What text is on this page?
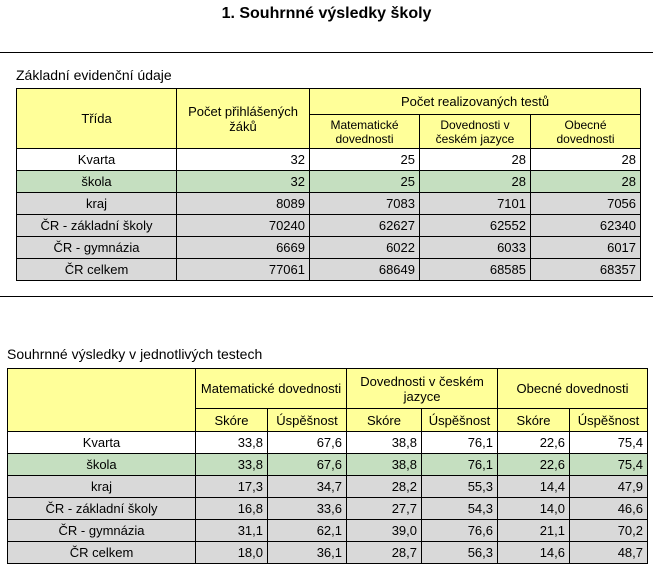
1. Souhrnné výsledky školy
Základní evidenční údaje
Třída	Počet přihlášených žáků	Počet realizovaných testů		
		Matematické dovednosti	Dovednosti v českém jazyce	Obecné dovednosti
Kvarta	32	25	28	28
škola	32	25	28	28
kraj	8089	7083	7101	7056
ČR - základní školy	70240	62627	62552	62340
ČR - gymnázia	6669	6022	6033	6017
ČR celkem	77061	68649	68585	68357
Souhrnné výsledky v jednotlivých testech
	Matematické dovednosti		Dovednosti v českém jazyce		Obecné dovednosti	
	Skóre	Úspěšnost	Skóre	Úspěšnost	Skóre	Úspěšnost
Kvarta	33,8	67,6	38,8	76,1	22,6	75,4
škola	33,8	67,6	38,8	76,1	22,6	75,4
kraj	17,3	34,7	28,2	55,3	14,4	47,9
ČR - základní školy	16,8	33,6	27,7	54,3	14,0	46,6
ČR - gymnázia	31,1	62,1	39,0	76,6	21,1	70,2
ČR celkem	18,0	36,1	28,7	56,3	14,6	48,7
